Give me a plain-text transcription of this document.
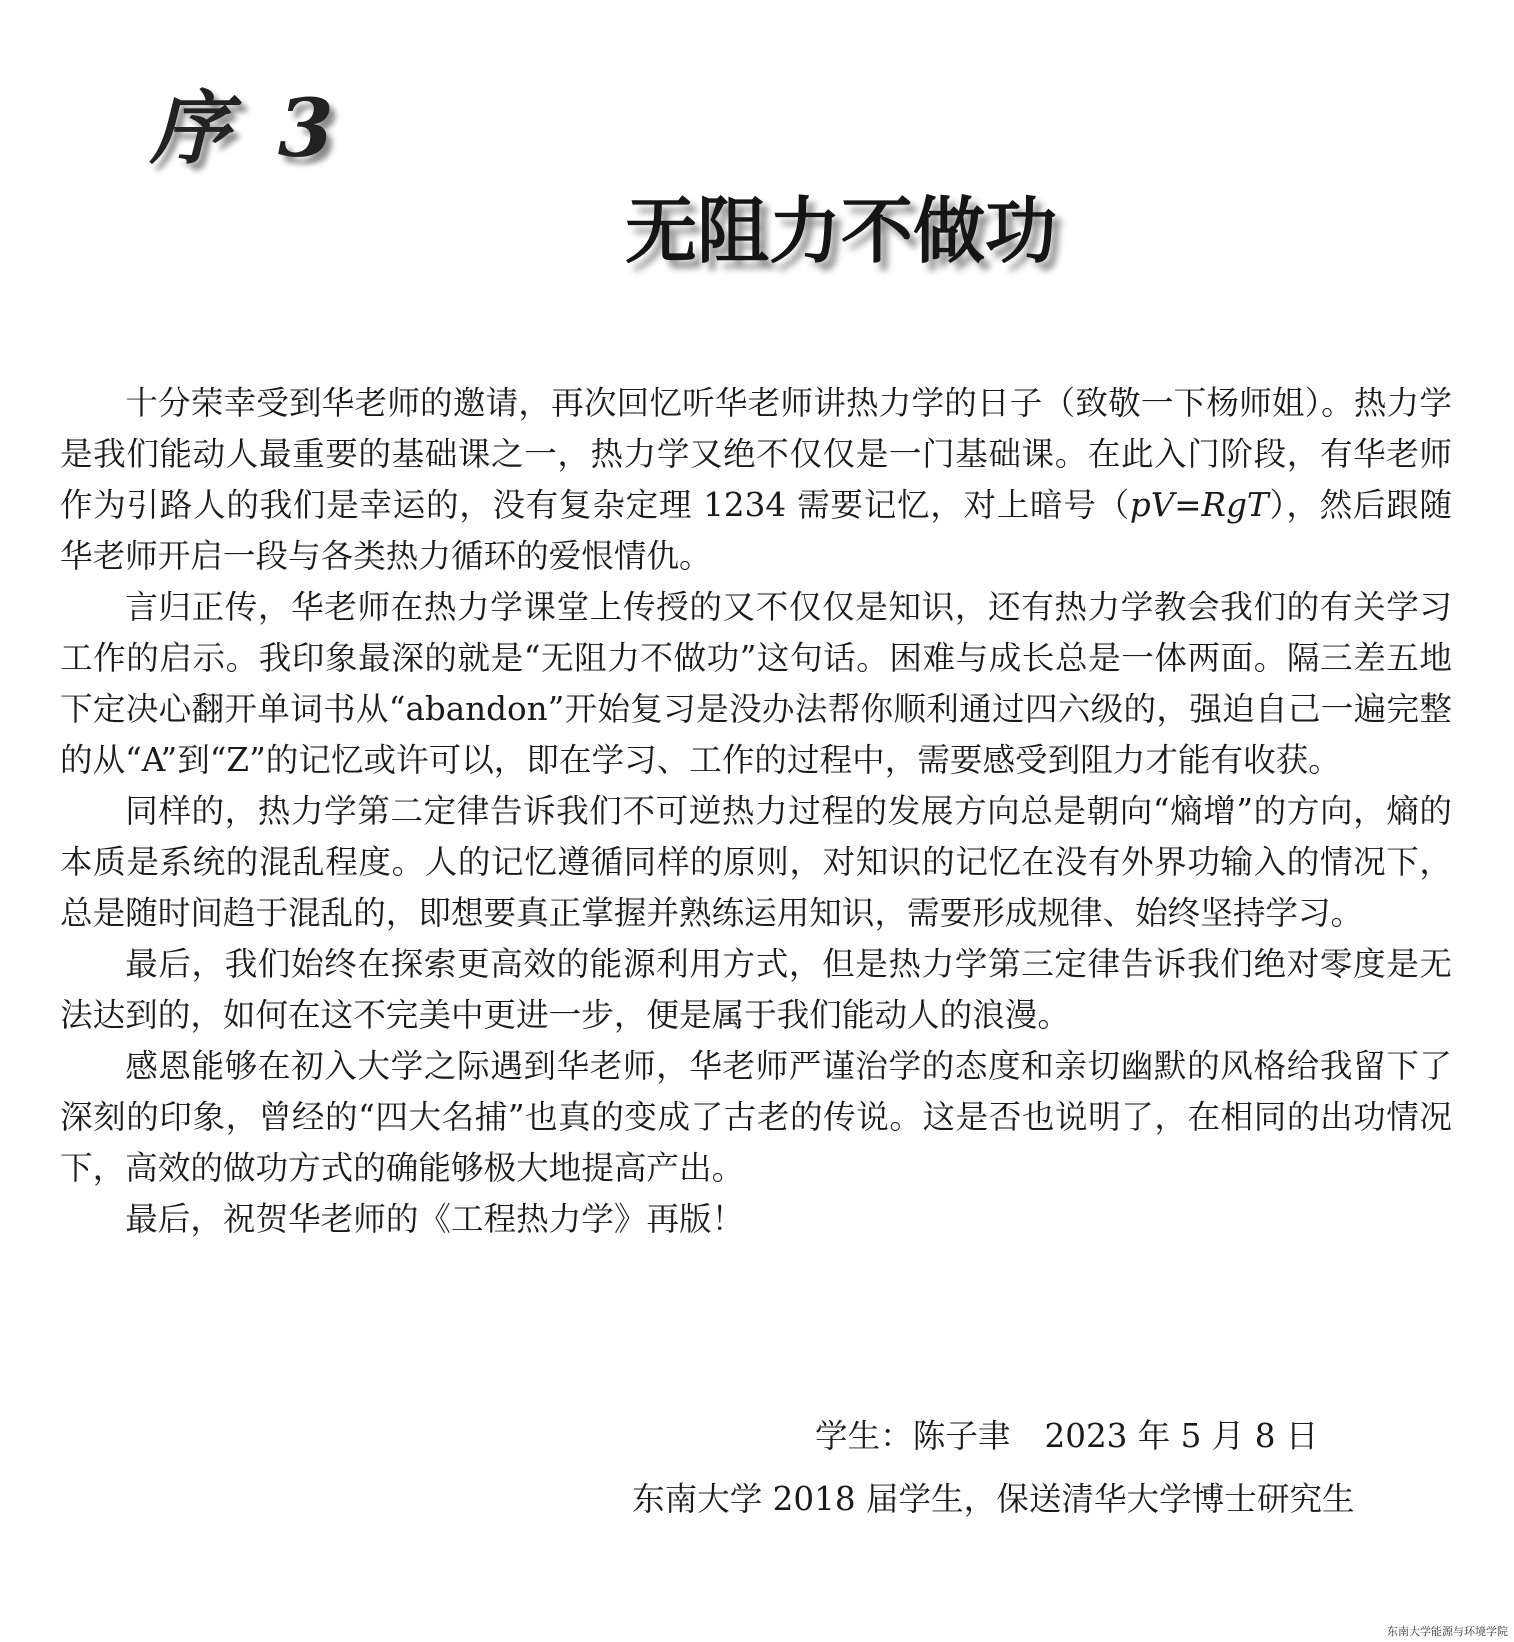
序 3
无阻力不做功

十分荣幸受到华老师的邀请，再次回忆听华老师讲热力学的日子（致敬一下杨师姐）。热力学是我们能动人最重要的基础课之一，热力学又绝不仅仅是一门基础课。在此入门阶段，有华老师作为引路人的我们是幸运的，没有复杂定理 1234 需要记忆，对上暗号（pV=RgT），然后跟随华老师开启一段与各类热力循环的爱恨情仇。

言归正传，华老师在热力学课堂上传授的又不仅仅是知识，还有热力学教会我们的有关学习工作的启示。我印象最深的就是“无阻力不做功”这句话。困难与成长总是一体两面。隔三差五地下定决心翻开单词书从“abandon”开始复习是没办法帮你顺利通过四六级的，强迫自己一遍完整的从“A”到“Z”的记忆或许可以，即在学习、工作的过程中，需要感受到阻力才能有收获。

同样的，热力学第二定律告诉我们不可逆热力过程的发展方向总是朝向“熵增”的方向，熵的本质是系统的混乱程度。人的记忆遵循同样的原则，对知识的记忆在没有外界功输入的情况下，总是随时间趋于混乱的，即想要真正掌握并熟练运用知识，需要形成规律、始终坚持学习。

最后，我们始终在探索更高效的能源利用方式，但是热力学第三定律告诉我们绝对零度是无法达到的，如何在这不完美中更进一步，便是属于我们能动人的浪漫。

感恩能够在初入大学之际遇到华老师，华老师严谨治学的态度和亲切幽默的风格给我留下了深刻的印象，曾经的“四大名捕”也真的变成了古老的传说。这是否也说明了，在相同的出功情况下，高效的做功方式的确能够极大地提高产出。

最后，祝贺华老师的《工程热力学》再版！

学生：陈子聿 2023 年 5 月 8 日
东南大学 2018 届学生，保送清华大学博士研究生
东南大学能源与环境学院
